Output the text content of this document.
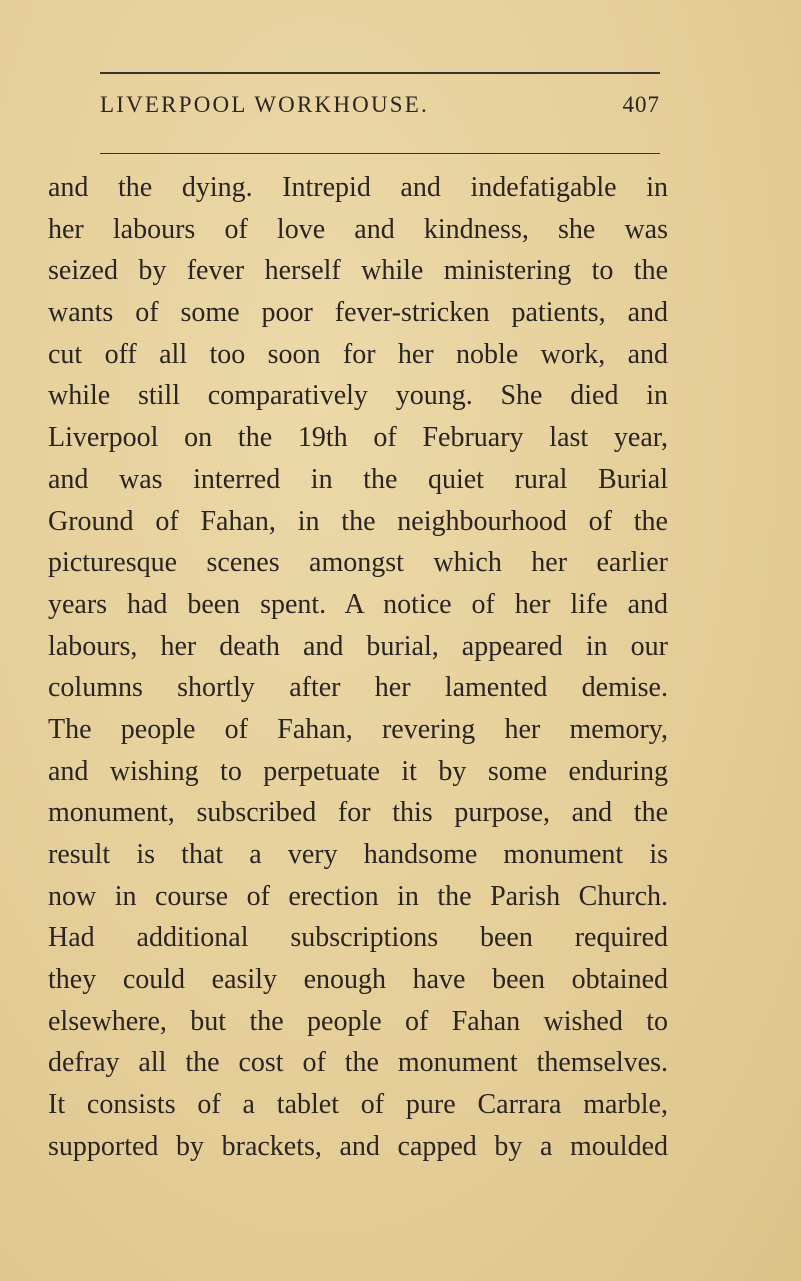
LIVERPOOL WORKHOUSE.	407
and the dying. Intrepid and indefatigable in
her labours of love and kindness, she was
seized by fever herself while ministering to the
wants of some poor fever-stricken patients, and
cut off all too soon for her noble work, and
while still comparatively young. She died in
Liverpool on the 19th of February last year,
and was interred in the quiet rural Burial
Ground of Fahan, in the neighbourhood of the
picturesque scenes amongst which her earlier
years had been spent. A notice of her life and
labours, her death and burial, appeared in our
columns shortly after her lamented demise.
The people of Fahan, revering her memory,
and wishing to perpetuate it by some enduring
monument, subscribed for this purpose, and the
result is that a very handsome monument is
now in course of erection in the Parish Church.
Had additional subscriptions been required
they could easily enough have been obtained
elsewhere, but the people of Fahan wished to
defray all the cost of the monument themselves.
It consists of a tablet of pure Carrara marble,
supported by brackets, and capped by a moulded
